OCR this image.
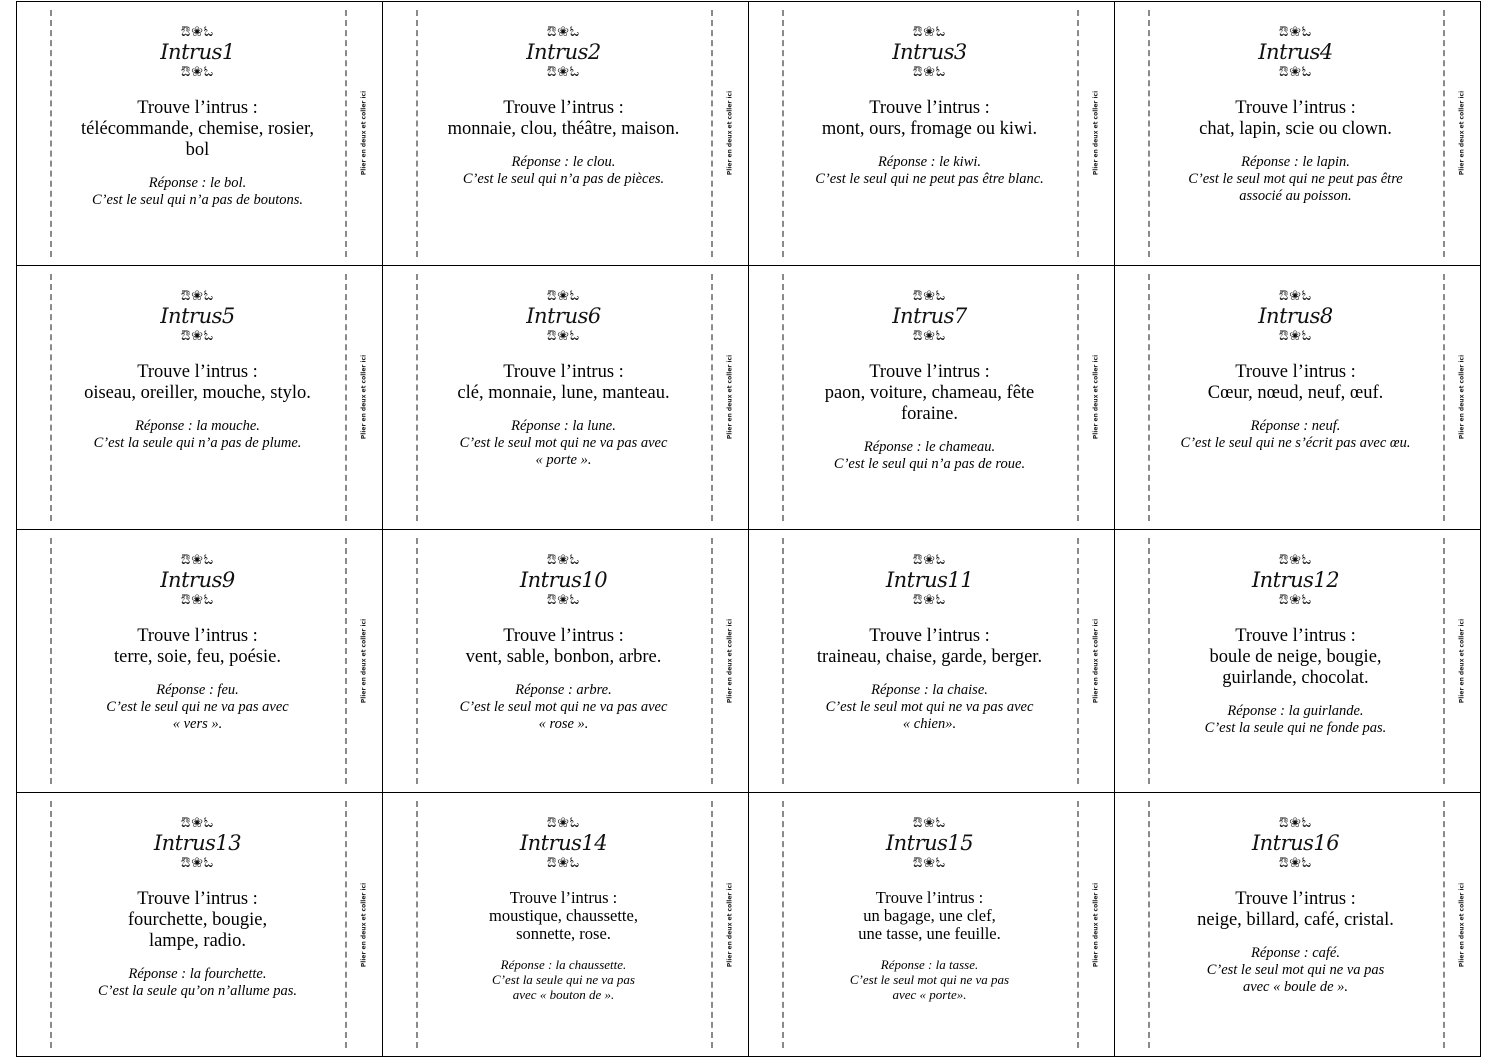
Plier en deux et coller ici
ಔ❀ಓ
Intrus1
ಔ❀ಓ
Trouve l’intrus :
télécommande, chemise, rosier,
bol
Réponse : le bol.
C’est le seul qui n’a pas de boutons.
Plier en deux et coller ici
ಔ❀ಓ
Intrus2
ಔ❀ಓ
Trouve l’intrus :
monnaie, clou, théâtre, maison.
Réponse : le clou.
C’est le seul qui n’a pas de pièces.
Plier en deux et coller ici
ಔ❀ಓ
Intrus3
ಔ❀ಓ
Trouve l’intrus :
mont, ours, fromage ou kiwi.
Réponse : le kiwi.
C’est le seul qui ne peut pas être blanc.
Plier en deux et coller ici
ಔ❀ಓ
Intrus4
ಔ❀ಓ
Trouve l’intrus :
chat, lapin, scie ou clown.
Réponse : le lapin.
C’est le seul mot qui ne peut pas être
associé au poisson.
Plier en deux et coller ici
ಔ❀ಓ
Intrus5
ಔ❀ಓ
Trouve l’intrus :
oiseau, oreiller, mouche, stylo.
Réponse : la mouche.
C’est la seule qui n’a pas de plume.
Plier en deux et coller ici
ಔ❀ಓ
Intrus6
ಔ❀ಓ
Trouve l’intrus :
clé, monnaie, lune, manteau.
Réponse : la lune.
C’est le seul mot qui ne va pas avec
« porte ».
Plier en deux et coller ici
ಔ❀ಓ
Intrus7
ಔ❀ಓ
Trouve l’intrus :
paon, voiture, chameau, fête
foraine.
Réponse : le chameau.
C’est le seul qui n’a pas de roue.
Plier en deux et coller ici
ಔ❀ಓ
Intrus8
ಔ❀ಓ
Trouve l’intrus :
Cœur, nœud, neuf, œuf.
Réponse : neuf.
C’est le seul qui ne s’écrit pas avec œu.
Plier en deux et coller ici
ಔ❀ಓ
Intrus9
ಔ❀ಓ
Trouve l’intrus :
terre, soie, feu, poésie.
Réponse : feu.
C’est le seul qui ne va pas avec
« vers ».
Plier en deux et coller ici
ಔ❀ಓ
Intrus10
ಔ❀ಓ
Trouve l’intrus :
vent, sable, bonbon, arbre.
Réponse : arbre.
C’est le seul mot qui ne va pas avec
« rose ».
Plier en deux et coller ici
ಔ❀ಓ
Intrus11
ಔ❀ಓ
Trouve l’intrus :
traineau, chaise, garde, berger.
Réponse : la chaise.
C’est le seul mot qui ne va pas avec
« chien».
Plier en deux et coller ici
ಔ❀ಓ
Intrus12
ಔ❀ಓ
Trouve l’intrus :
boule de neige, bougie,
guirlande, chocolat.
Réponse : la guirlande.
C’est la seule qui ne fonde pas.
Plier en deux et coller ici
ಔ❀ಓ
Intrus13
ಔ❀ಓ
Trouve l’intrus :
fourchette, bougie,
lampe, radio.
Réponse : la fourchette.
C’est la seule qu’on n’allume pas.
Plier en deux et coller ici
ಔ❀ಓ
Intrus14
ಔ❀ಓ
Trouve l’intrus :
moustique, chaussette,
sonnette, rose.
Réponse : la chaussette.
C’est la seule qui ne va pas
avec « bouton de ».
Plier en deux et coller ici
ಔ❀ಓ
Intrus15
ಔ❀ಓ
Trouve l’intrus :
un bagage, une clef,
une tasse, une feuille.
Réponse : la tasse.
C’est le seul mot qui ne va pas
avec « porte».
Plier en deux et coller ici
ಔ❀ಓ
Intrus16
ಔ❀ಓ
Trouve l’intrus :
neige, billard, café, cristal.
Réponse : café.
C’est le seul mot qui ne va pas
avec « boule de ».
